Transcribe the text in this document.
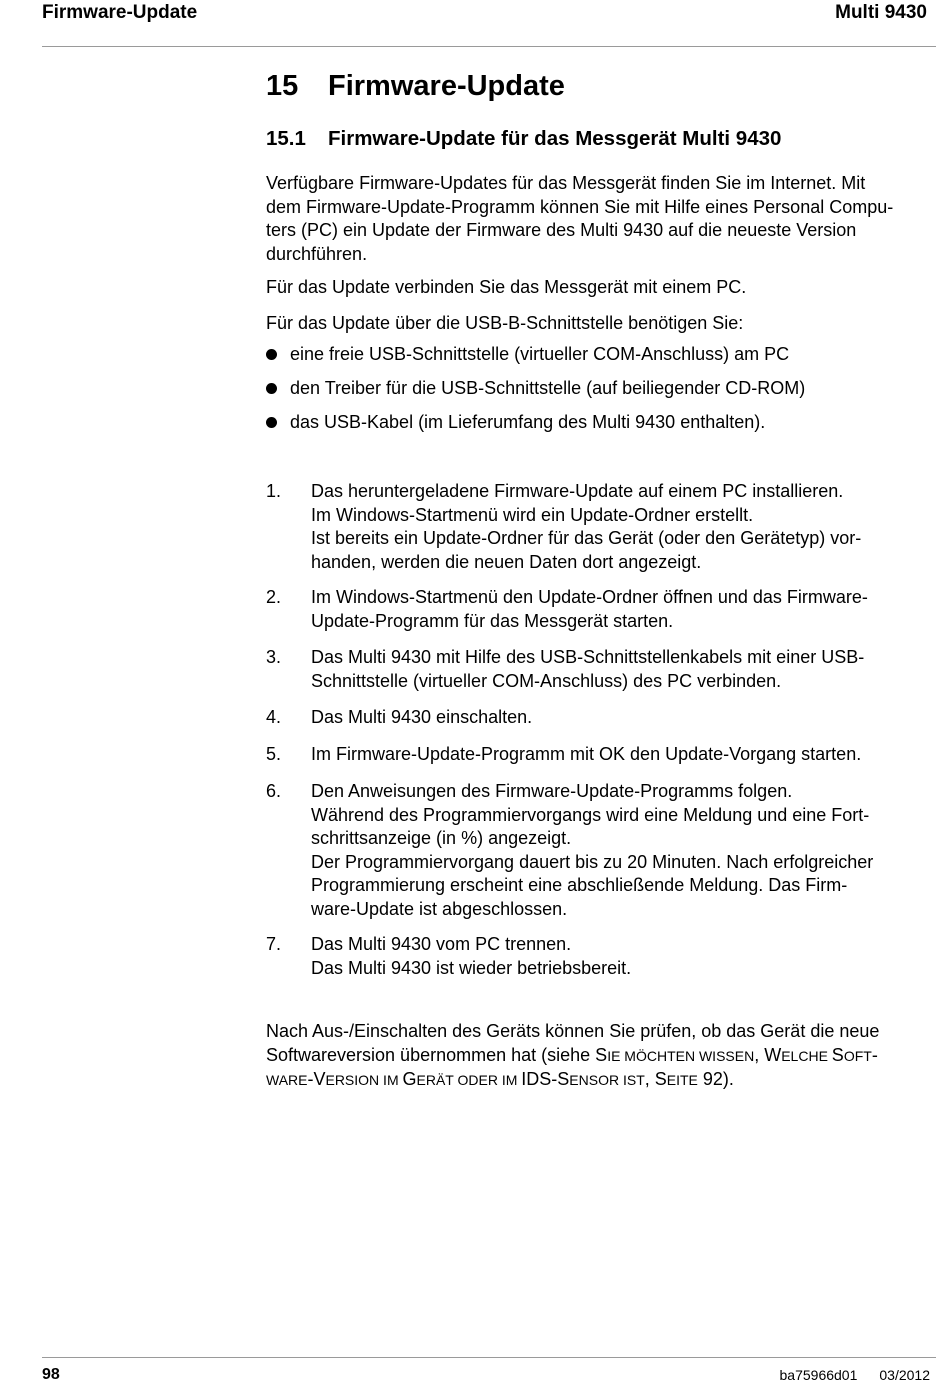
Firmware-Update	Multi 9430
15 Firmware-Update
15.1 Firmware-Update für das Messgerät Multi 9430
Verfügbare Firmware-Updates für das Messgerät finden Sie im Internet. Mit
dem Firmware-Update-Programm können Sie mit Hilfe eines Personal Compu-
ters (PC) ein Update der Firmware des Multi 9430 auf die neueste Version
durchführen.
Für das Update verbinden Sie das Messgerät mit einem PC.
Für das Update über die USB-B-Schnittstelle benötigen Sie:
eine freie USB-Schnittstelle (virtueller COM-Anschluss) am PC
den Treiber für die USB-Schnittstelle (auf beiliegender CD-ROM)
das USB-Kabel (im Lieferumfang des Multi 9430 enthalten).
1. Das heruntergeladene Firmware-Update auf einem PC installieren.
Im Windows-Startmenü wird ein Update-Ordner erstellt.
Ist bereits ein Update-Ordner für das Gerät (oder den Gerätetyp) vor-
handen, werden die neuen Daten dort angezeigt.
2. Im Windows-Startmenü den Update-Ordner öffnen und das Firmware-
Update-Programm für das Messgerät starten.
3. Das Multi 9430 mit Hilfe des USB-Schnittstellenkabels mit einer USB-
Schnittstelle (virtueller COM-Anschluss) des PC verbinden.
4. Das Multi 9430 einschalten.
5. Im Firmware-Update-Programm mit OK den Update-Vorgang starten.
6. Den Anweisungen des Firmware-Update-Programms folgen.
Während des Programmiervorgangs wird eine Meldung und eine Fort-
schrittsanzeige (in %) angezeigt.
Der Programmiervorgang dauert bis zu 20 Minuten. Nach erfolgreicher
Programmierung erscheint eine abschließende Meldung. Das Firm-
ware-Update ist abgeschlossen.
7. Das Multi 9430 vom PC trennen.
Das Multi 9430 ist wieder betriebsbereit.
Nach Aus-/Einschalten des Geräts können Sie prüfen, ob das Gerät die neue
Softwareversion übernommen hat (siehe SIE MÖCHTEN WISSEN, WELCHE SOFT-
WARE-VERSION IM GERÄT ODER IM IDS-SENSOR IST, SEITE 92).
98	ba75966d01 03/2012
